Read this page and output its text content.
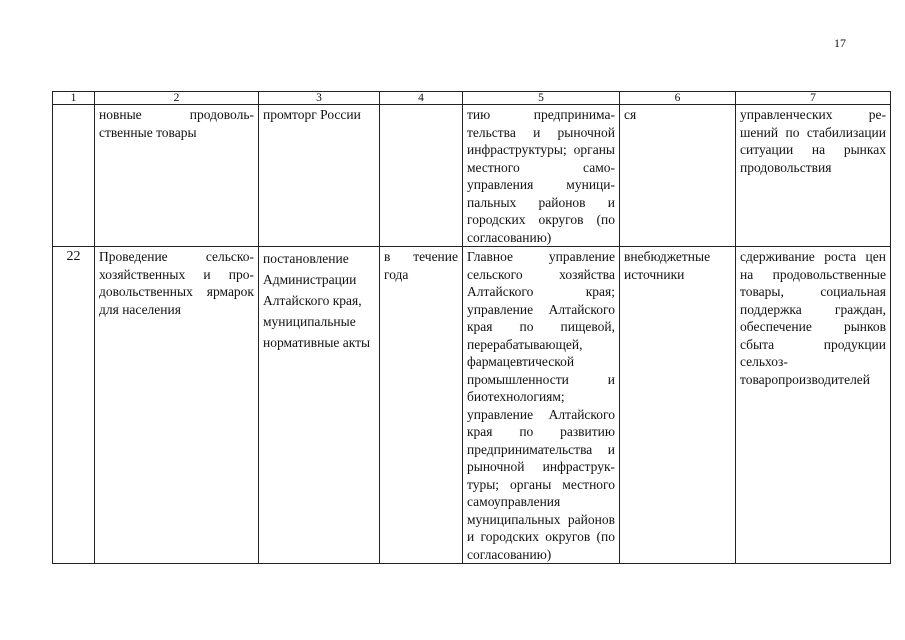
17
1	2	3	4	5	6	7
	новные продовольственные товары	промторг России		тию предпринимательства и рыночной инфраструктуры; органы местного самоуправления муниципальных районов и городских округов (по согласованию)	ся	управленческих решений по стабилизации ситуации на рынках продовольствия
22	Проведение сельскохозяйственных и продовольственных ярмарок для населения	постановление Администрации Алтайского края, муниципальные нормативные акты	в течение года	Главное управление сельского хозяйства Алтайского края; управление Алтайского края по пищевой, перерабатывающей, фармацевтической промышленности и биотехнологиям; управление Алтайского края по развитию предпринимательства и рыночной инфраструктуры; органы местного самоуправления муниципальных районов и городских округов (по согласованию)	внебюджетные источники	сдерживание роста цен на продовольственные товары, социальная поддержка граждан, обеспечение рынков сбыта продукции сельхозтоваропроизводителей
